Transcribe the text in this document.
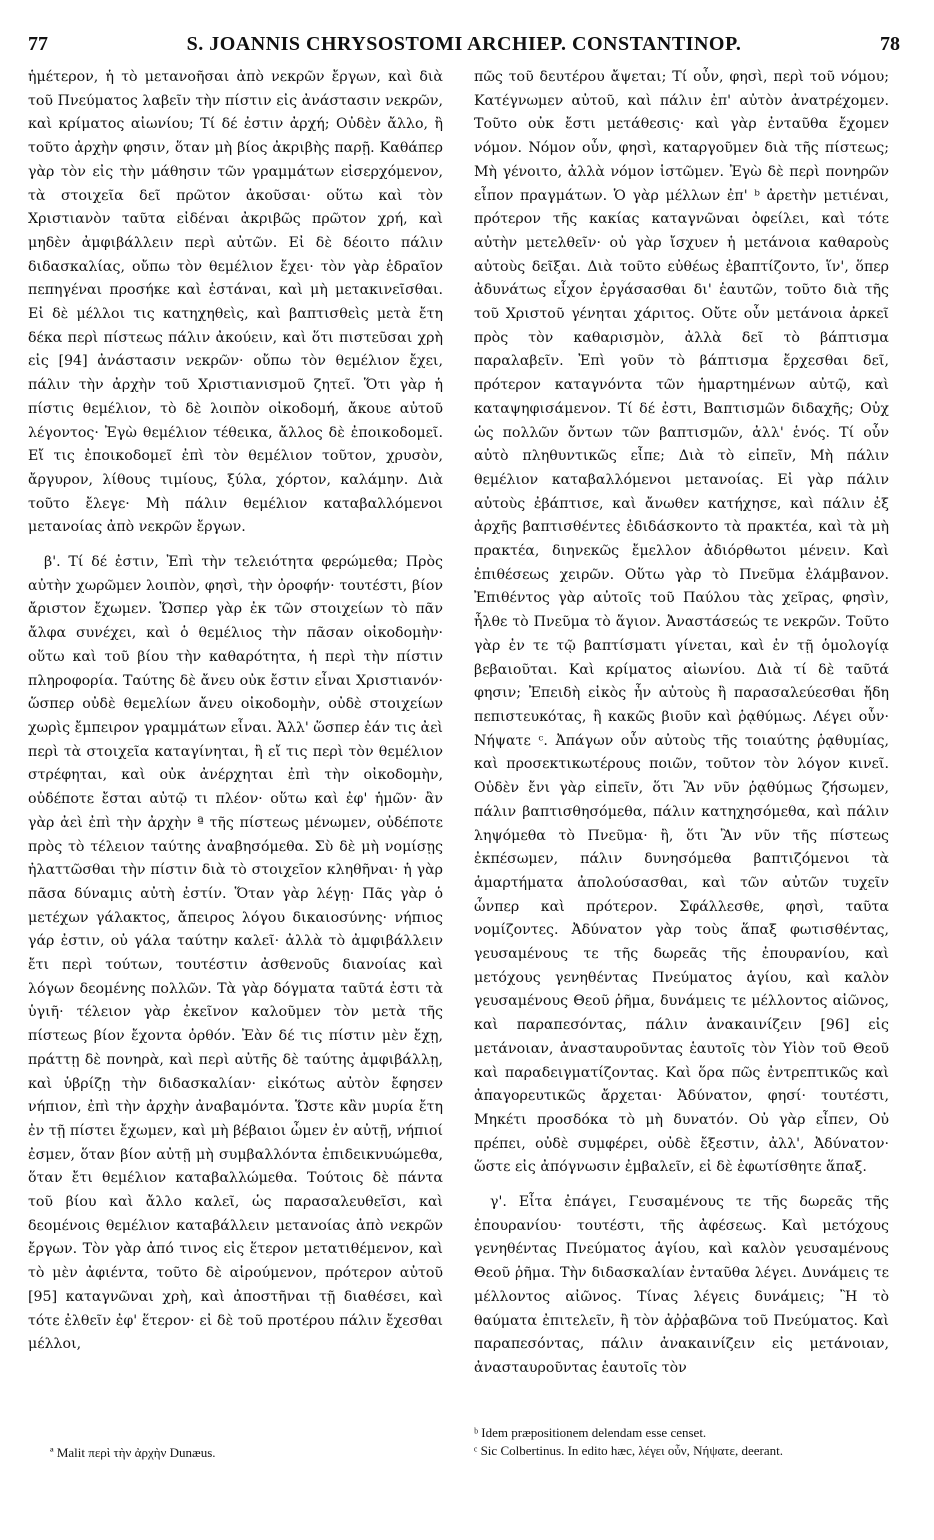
77	S. JOANNIS CHRYSOSTOMI ARCHIEP. CONSTANTINOP.	78

ἡμέτερον, ἡ τὸ μετανοῆσαι ἀπὸ νεκρῶν ἔργων, καὶ διὰ τοῦ Πνεύματος λαβεῖν τὴν πίστιν εἰς ἀνάστασιν νεκρῶν, καὶ κρίματος αἰωνίου; Τί δέ ἐστιν ἀρχή; Οὐδὲν ἄλλο, ἢ τοῦτο ἀρχὴν φησιν, ὅταν μὴ βίος ἀκριβὴς παρῇ. Καθάπερ γὰρ τὸν εἰς τὴν μάθησιν τῶν γραμμάτων εἰσερχόμενον, τὰ στοιχεῖα δεῖ πρῶτον ἀκοῦσαι· οὕτω καὶ τὸν Χριστιανὸν ταῦτα εἰδέναι ἀκριβῶς πρῶτον χρή, καὶ μηδὲν ἀμφιβάλλειν περὶ αὐτῶν. Εἰ δὲ δέοιτο πάλιν διδασκαλίας, οὔπω τὸν θεμέλιον ἔχει· τὸν γὰρ ἑδραῖον πεπηγέναι προσήκε καὶ ἑστάναι, καὶ μὴ μετακινεῖσθαι. Εἰ δὲ μέλλοι τις κατηχηθεὶς, καὶ βαπτισθεὶς μετὰ ἔτη δέκα περὶ πίστεως πάλιν ἀκούειν, καὶ ὅτι πιστεῦσαι χρὴ εἰς [94] ἀνάστασιν νεκρῶν· οὔπω τὸν θεμέλιον ἔχει, πάλιν τὴν ἀρχὴν τοῦ Χριστιανισμοῦ ζητεῖ. Ὅτι γὰρ ἡ πίστις θεμέλιον, τὸ δὲ λοιπὸν οἰκοδομή, ἄκουε αὐτοῦ λέγοντος· Ἐγὼ θεμέλιον τέθεικα, ἄλλος δὲ ἐποικοδομεῖ. Εἴ τις ἐποικοδομεῖ ἐπὶ τὸν θεμέλιον τοῦτον, χρυσὸν, ἄργυρον, λίθους τιμίους, ξύλα, χόρτον, καλάμην. Διὰ τοῦτο ἔλεγε· Μὴ πάλιν θεμέλιον καταβαλλόμενοι μετανοίας ἀπὸ νεκρῶν ἔργων.

β'. Τί δέ ἐστιν, Ἐπὶ τὴν τελειότητα φερώμεθα; Πρὸς αὐτὴν χωρῶμεν λοιπὸν, φησὶ, τὴν ὀροφήν· τουτέστι, βίον ἄριστον ἔχωμεν. Ὥσπερ γὰρ ἐκ τῶν στοιχείων τὸ πᾶν ἄλφα συνέχει, καὶ ὁ θεμέλιος τὴν πᾶσαν οἰκοδομὴν· οὕτω καὶ τοῦ βίου τὴν καθαρότητα, ἡ περὶ τὴν πίστιν πληροφορία. Ταύτης δὲ ἄνευ οὐκ ἔστιν εἶναι Χριστιανόν· ὥσπερ οὐδὲ θεμελίων ἄνευ οἰκοδομὴν, οὐδὲ στοιχείων χωρὶς ἔμπειρον γραμμάτων εἶναι. Ἀλλ' ὥσπερ ἐάν τις ἀεὶ περὶ τὰ στοιχεῖα καταγίνηται, ἢ εἴ τις περὶ τὸν θεμέλιον στρέφηται, καὶ οὐκ ἀνέρχηται ἐπὶ τὴν οἰκοδομὴν, οὐδέποτε ἔσται αὐτῷ τι πλέον· οὕτω καὶ ἐφ' ἡμῶν· ἂν γὰρ ἀεὶ ἐπὶ τὴν ἀρχὴν ª τῆς πίστεως μένωμεν, οὐδέποτε πρὸς τὸ τέλειον ταύτης ἀναβησόμεθα. Σὺ δὲ μὴ νομίσῃς ἠλαττῶσθαι τὴν πίστιν διὰ τὸ στοιχεῖον κληθῆναι· ἡ γὰρ πᾶσα δύναμις αὐτὴ ἐστίν. Ὅταν γὰρ λέγῃ· Πᾶς γὰρ ὁ μετέχων γάλακτος, ἄπειρος λόγου δικαιοσύνης· νήπιος γάρ ἐστιν, οὐ γάλα ταύτην καλεῖ· ἀλλὰ τὸ ἀμφιβάλλειν ἔτι περὶ τούτων, τουτέστιν ἀσθενοῦς διανοίας καὶ λόγων δεομένης πολλῶν. Τὰ γὰρ δόγματα ταῦτά ἐστι τὰ ὑγιῆ· τέλειον γὰρ ἐκεῖνον καλοῦμεν τὸν μετὰ τῆς πίστεως βίον ἔχοντα ὀρθόν. Ἐὰν δέ τις πίστιν μὲν ἔχῃ, πράττῃ δὲ πονηρὰ, καὶ περὶ αὐτῆς δὲ ταύτης ἀμφιβάλλῃ, καὶ ὑβρίζῃ τὴν διδασκαλίαν· εἰκότως αὐτὸν ἔφησεν νήπιον, ἐπὶ τὴν ἀρχὴν ἀναβαμόντα. Ὥστε κἂν μυρία ἔτη ἐν τῇ πίστει ἔχωμεν, καὶ μὴ βέβαιοι ὦμεν ἐν αὐτῇ, νήπιοί ἐσμεν, ὅταν βίον αὐτῇ μὴ συμβαλλόντα ἐπιδεικνυώμεθα, ὅταν ἔτι θεμέλιον καταβαλλώμεθα. Τούτοις δὲ πάντα τοῦ βίου καὶ ἄλλο καλεῖ, ὡς παρασαλευθεῖσι, καὶ δεομένοις θεμέλιον καταβάλλειν μετανοίας ἀπὸ νεκρῶν ἔργων. Τὸν γὰρ ἀπό τινος εἰς ἕτερον μετατιθέμενον, καὶ τὸ μὲν ἀφιέντα, τοῦτο δὲ αἱρούμενον, πρότερον αὐτοῦ [95] καταγνῶναι χρὴ, καὶ ἀποστῆναι τῇ διαθέσει, καὶ τότε ἐλθεῖν ἐφ' ἕτερον· εἰ δὲ τοῦ προτέρου πάλιν ἔχεσθαι μέλλοι,

πῶς τοῦ δευτέρου ἄψεται; Τί οὖν, φησὶ, περὶ τοῦ νόμου; Κατέγνωμεν αὐτοῦ, καὶ πάλιν ἐπ' αὐτὸν ἀνατρέχομεν. Τοῦτο οὐκ ἔστι μετάθεσις· καὶ γὰρ ἐνταῦθα ἔχομεν νόμον. Νόμον οὖν, φησὶ, καταργοῦμεν διὰ τῆς πίστεως; Μὴ γένοιτο, ἀλλὰ νόμον ἱστῶμεν. Ἐγὼ δὲ περὶ πονηρῶν εἶπον πραγμάτων. Ὁ γὰρ μέλλων ἐπ' ᵇ ἀρετὴν μετιέναι, πρότερον τῆς κακίας καταγνῶναι ὀφείλει, καὶ τότε αὐτὴν μετελθεῖν· οὐ γὰρ ἴσχυεν ἡ μετάνοια καθαροὺς αὐτοὺς δεῖξαι. Διὰ τοῦτο εὐθέως ἐβαπτίζοντο, ἵν', ὅπερ ἀδυνάτως εἶχον ἐργάσασθαι δι' ἑαυτῶν, τοῦτο διὰ τῆς τοῦ Χριστοῦ γένηται χάριτος. Οὔτε οὖν μετάνοια ἀρκεῖ πρὸς τὸν καθαρισμὸν, ἀλλὰ δεῖ τὸ βάπτισμα παραλαβεῖν. Ἐπὶ γοῦν τὸ βάπτισμα ἔρχεσθαι δεῖ, πρότερον καταγνόντα τῶν ἡμαρτημένων αὐτῷ, καὶ καταψηφισάμενον. Τί δέ ἐστι, Βαπτισμῶν διδαχῆς; Οὐχ ὡς πολλῶν ὄντων τῶν βαπτισμῶν, ἀλλ' ἑνός. Τί οὖν αὐτὸ πληθυντικῶς εἶπε; Διὰ τὸ εἰπεῖν, Μὴ πάλιν θεμέλιον καταβαλλόμενοι μετανοίας. Εἰ γὰρ πάλιν αὐτοὺς ἐβάπτισε, καὶ ἄνωθεν κατήχησε, καὶ πάλιν ἐξ ἀρχῆς βαπτισθέντες ἐδιδάσκοντο τὰ πρακτέα, καὶ τὰ μὴ πρακτέα, διηνεκῶς ἔμελλον ἀδιόρθωτοι μένειν. Καὶ ἐπιθέσεως χειρῶν. Οὕτω γὰρ τὸ Πνεῦμα ἐλάμβανον. Ἐπιθέντος γὰρ αὐτοῖς τοῦ Παύλου τὰς χεῖρας, φησὶν, ἦλθε τὸ Πνεῦμα τὸ ἅγιον. Ἀναστάσεώς τε νεκρῶν. Τοῦτο γὰρ ἐν τε τῷ βαπτίσματι γίνεται, καὶ ἐν τῇ ὁμολογίᾳ βεβαιοῦται. Καὶ κρίματος αἰωνίου. Διὰ τί δὲ ταῦτά φησιν; Ἐπειδὴ εἰκὸς ἦν αὐτοὺς ἢ παρασαλεύεσθαι ἤδη πεπιστευκότας, ἢ κακῶς βιοῦν καὶ ῥᾳθύμως. Λέγει οὖν· Νήψατε ᶜ. Ἀπάγων οὖν αὐτοὺς τῆς τοιαύτης ῥᾳθυμίας, καὶ προσεκτικωτέρους ποιῶν, τοῦτον τὸν λόγον κινεῖ. Οὐδὲν ἔνι γὰρ εἰπεῖν, ὅτι Ἂν νῦν ῥᾳθύμως ζήσωμεν, πάλιν βαπτισθησόμεθα, πάλιν κατηχησόμεθα, καὶ πάλιν ληψόμεθα τὸ Πνεῦμα· ἢ, ὅτι Ἂν νῦν τῆς πίστεως ἐκπέσωμεν, πάλιν δυνησόμεθα βαπτιζόμενοι τὰ ἁμαρτήματα ἀπολούσασθαι, καὶ τῶν αὐτῶν τυχεῖν ὧνπερ καὶ πρότερον. Σφάλλεσθε, φησὶ, ταῦτα νομίζοντες. Ἀδύνατον γὰρ τοὺς ἅπαξ φωτισθέντας, γευσαμένους τε τῆς δωρεᾶς τῆς ἐπουρανίου, καὶ μετόχους γενηθέντας Πνεύματος ἁγίου, καὶ καλὸν γευσαμένους Θεοῦ ῥῆμα, δυνάμεις τε μέλλοντος αἰῶνος, καὶ παραπεσόντας, πάλιν ἀνακαινίζειν [96] εἰς μετάνοιαν, ἀνασταυροῦντας ἑαυτοῖς τὸν Υἱὸν τοῦ Θεοῦ καὶ παραδειγματίζοντας. Καὶ ὅρα πῶς ἐντρεπτικῶς καὶ ἀπαγορευτικῶς ἄρχεται· Ἀδύνατον, φησί· τουτέστι, Μηκέτι προσδόκα τὸ μὴ δυνατόν. Οὐ γὰρ εἶπεν, Οὐ πρέπει, οὐδὲ συμφέρει, οὐδὲ ἔξεστιν, ἀλλ', Ἀδύνατον· ὥστε εἰς ἀπόγνωσιν ἐμβαλεῖν, εἰ δὲ ἐφωτίσθητε ἅπαξ.

γ'. Εἶτα ἐπάγει, Γευσαμένους τε τῆς δωρεᾶς τῆς ἐπουρανίου· τουτέστι, τῆς ἀφέσεως. Καὶ μετόχους γενηθέντας Πνεύματος ἁγίου, καὶ καλὸν γευσαμένους Θεοῦ ῥῆμα. Τὴν διδασκαλίαν ἐνταῦθα λέγει. Δυνάμεις τε μέλλοντος αἰῶνος. Τίνας λέγεις δυνάμεις; Ἢ τὸ θαύματα ἐπιτελεῖν, ἢ τὸν ἀῤῥαβῶνα τοῦ Πνεύματος. Καὶ παραπεσόντας, πάλιν ἀνακαινίζειν εἰς μετάνοιαν, ἀνασταυροῦντας ἑαυτοῖς τὸν

ª Malit περὶ τὴν ἀρχὴν Dunæus.
ᵇ Idem præpositionem delendam esse censet.
ᶜ Sic Colbertinus. In edito hæc, λέγει οὖν, Νήψατε, deerant.
